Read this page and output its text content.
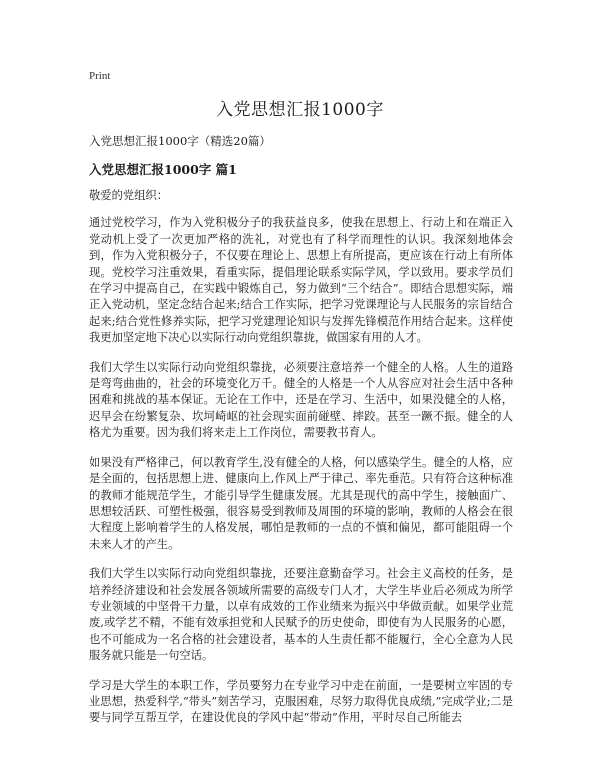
Print
入党思想汇报1000字

入党思想汇报1000字（精选20篇）

入党思想汇报1000字 篇1

敬爱的党组织：

通过党校学习，作为入党积极分子的我获益良多，使我在思想上、行动上和在端正入党动机上受了一次更加严格的洗礼，对党也有了科学而理性的认识。我深刻地体会到，作为入党积极分子，不仅要在理论上、思想上有所提高，更应该在行动上有所体现。党校学习注重效果，看重实际，提倡理论联系实际学风，学以致用。要求学员们在学习中提高自己，在实践中锻炼自己，努力做到“三个结合”。即结合思想实际，端正入党动机，坚定念结合起来;结合工作实际，把学习党课理论与人民服务的宗旨结合起来;结合党性修养实际，把学习党建理论知识与发挥先锋模范作用结合起来。这样使我更加坚定地下决心以实际行动向党组织靠拢，做国家有用的人才。

我们大学生以实际行动向党组织靠拢，必须要注意培养一个健全的人格。人生的道路是弯弯曲曲的，社会的环境变化万千。健全的人格是一个人从容应对社会生活中各种困难和挑战的基本保证。无论在工作中，还是在学习、生活中，如果没健全的人格，迟早会在纷繁复杂、坎坷崎岖的社会现实面前碰壁、摔跤。甚至一蹶不振。健全的人格尤为重要。因为我们将来走上工作岗位，需要教书育人。

如果没有严格律己，何以教育学生,没有健全的人格，何以感染学生。健全的人格，应是全面的，包括思想上进、健康向上,作风上严于律己、率先垂范。只有符合这种标准的教师才能规范学生，才能引导学生健康发展。尤其是现代的高中学生，接触面广、思想较活跃、可塑性极强，很容易受到教师及周围的环境的影响，教师的人格会在很大程度上影响着学生的人格发展，哪怕是教师的一点的不慎和偏见，都可能阻碍一个未来人才的产生。

我们大学生以实际行动向党组织靠拢，还要注意勤奋学习。社会主义高校的任务，是培养经济建设和社会发展各领域所需要的高级专门人才，大学生毕业后必须成为所学专业领域的中坚骨干力量，以卓有成效的工作业绩来为振兴中华做贡献。如果学业荒废,或学艺不精，不能有效承担党和人民赋予的历史使命，即使有为人民服务的心愿，也不可能成为一名合格的社会建设者，基本的人生责任都不能履行，全心全意为人民服务就只能是一句空话。

学习是大学生的本职工作，学员要努力在专业学习中走在前面，一是要树立牢固的专业思想，热爱科学,“带头”刻苦学习，克服困难，尽努力取得优良成绩,”完成学业;二是要与同学互帮互学，在建设优良的学风中起“带动”作用，平时尽自己所能去
